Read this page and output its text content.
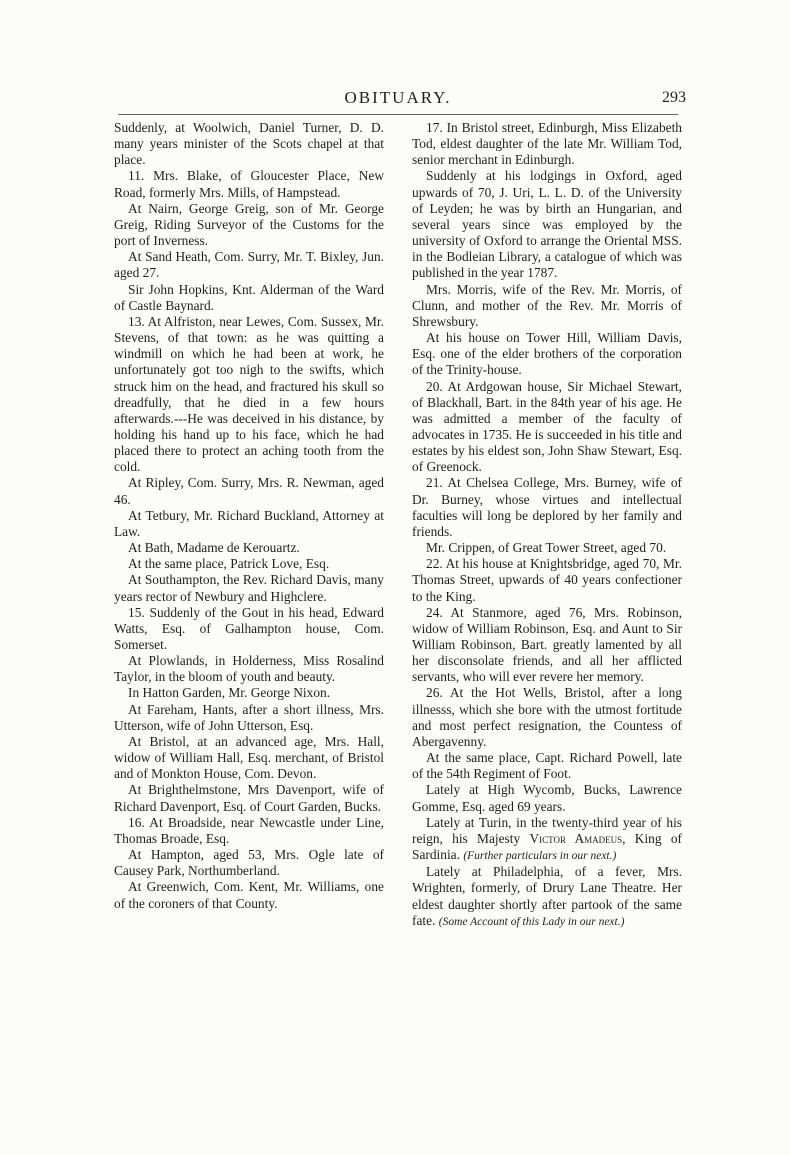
OBITUARY.	293

Suddenly, at Woolwich, Daniel Turner, D. D. many years minister of the Scots chapel at that place.

11. Mrs. Blake, of Gloucester Place, New Road, formerly Mrs. Mills, of Hampstead.

At Nairn, George Greig, son of Mr. George Greig, Riding Surveyor of the Customs for the port of Inverness.

At Sand Heath, Com. Surry, Mr. T. Bixley, Jun. aged 27.

Sir John Hopkins, Knt. Alderman of the Ward of Castle Baynard.

13. At Alfriston, near Lewes, Com. Sussex, Mr. Stevens, of that town: as he was quitting a windmill on which he had been at work, he unfortunately got too nigh to the swifts, which struck him on the head, and fractured his skull so dreadfully, that he died in a few hours afterwards.---He was deceived in his distance, by holding his hand up to his face, which he had placed there to protect an aching tooth from the cold.

At Ripley, Com. Surry, Mrs. R. Newman, aged 46.

At Tetbury, Mr. Richard Buckland, Attorney at Law.

At Bath, Madame de Kerouartz.

At the same place, Patrick Love, Esq.

At Southampton, the Rev. Richard Davis, many years rector of Newbury and Highclere.

15. Suddenly of the Gout in his head, Edward Watts, Esq. of Galhampton house, Com. Somerset.

At Plowlands, in Holderness, Miss Rosalind Taylor, in the bloom of youth and beauty.

In Hatton Garden, Mr. George Nixon.

At Fareham, Hants, after a short illness, Mrs. Utterson, wife of John Utterson, Esq.

At Bristol, at an advanced age, Mrs. Hall, widow of William Hall, Esq. merchant, of Bristol and of Monkton House, Com. Devon.

At Brighthelmstone, Mrs Davenport, wife of Richard Davenport, Esq. of Court Garden, Bucks.

16. At Broadside, near Newcastle under Line, Thomas Broade, Esq.

At Hampton, aged 53, Mrs. Ogle late of Causey Park, Northumberland.

At Greenwich, Com. Kent, Mr. Williams, one of the coroners of that County.

17. In Bristol street, Edinburgh, Miss Elizabeth Tod, eldest daughter of the late Mr. William Tod, senior merchant in Edinburgh.

Suddenly at his lodgings in Oxford, aged upwards of 70, J. Uri, L. L. D. of the University of Leyden; he was by birth an Hungarian, and several years since was employed by the university of Oxford to arrange the Oriental MSS. in the Bodleian Library, a catalogue of which was published in the year 1787.

Mrs. Morris, wife of the Rev. Mr. Morris, of Clunn, and mother of the Rev. Mr. Morris of Shrewsbury.

At his house on Tower Hill, William Davis, Esq. one of the elder brothers of the corporation of the Trinity-house.

20. At Ardgowan house, Sir Michael Stewart, of Blackhall, Bart. in the 84th year of his age. He was admitted a member of the faculty of advocates in 1735. He is succeeded in his title and estates by his eldest son, John Shaw Stewart, Esq. of Greenock.

21. At Chelsea College, Mrs. Burney, wife of Dr. Burney, whose virtues and intellectual faculties will long be deplored by her family and friends.

Mr. Crippen, of Great Tower Street, aged 70.

22. At his house at Knightsbridge, aged 70, Mr. Thomas Street, upwards of 40 years confectioner to the King.

24. At Stanmore, aged 76, Mrs. Robinson, widow of William Robinson, Esq. and Aunt to Sir William Robinson, Bart. greatly lamented by all her disconsolate friends, and all her afflicted servants, who will ever revere her memory.

26. At the Hot Wells, Bristol, after a long illnesss, which she bore with the utmost fortitude and most perfect resignation, the Countess of Abergavenny.

At the same place, Capt. Richard Powell, late of the 54th Regiment of Foot.

Lately at High Wycomb, Bucks, Lawrence Gomme, Esq. aged 69 years.

Lately at Turin, in the twenty-third year of his reign, his Majesty Victor Amadeus, King of Sardinia. (Further particulars in our next.)

Lately at Philadelphia, of a fever, Mrs. Wrighten, formerly, of Drury Lane Theatre. Her eldest daughter shortly after partook of the same fate. (Some Account of this Lady in our next.)
